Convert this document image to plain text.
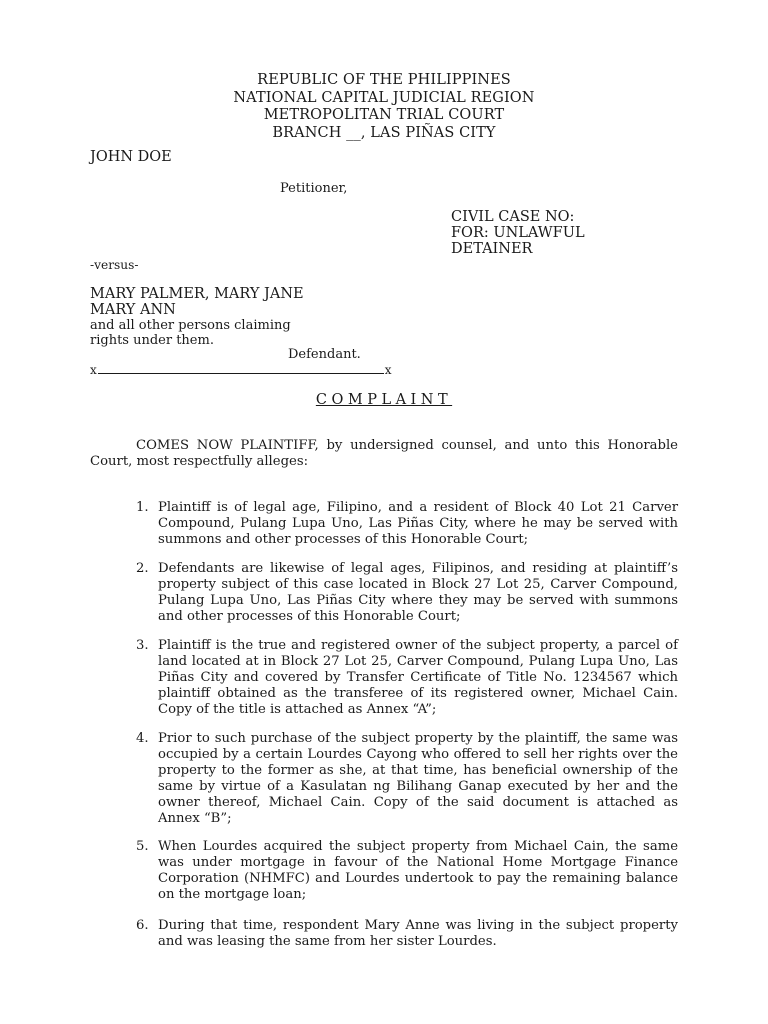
REPUBLIC OF THE PHILIPPINES
NATIONAL CAPITAL JUDICIAL REGION
METROPOLITAN TRIAL COURT
BRANCH __, LAS PIÑAS CITY
JOHN DOE
Petitioner,
CIVIL CASE NO:
FOR: UNLAWFUL
DETAINER
-versus-
MARY PALMER, MARY JANE
MARY ANN
and all other persons claiming
rights under them.
Defendant.
x	x
COMPLAINT

COMES NOW PLAINTIFF, by undersigned counsel, and unto this Honorable Court, most respectfully alleges:

1. Plaintiff is of legal age, Filipino, and a resident of Block 40 Lot 21 Carver Compound, Pulang Lupa Uno, Las Piñas City, where he may be served with summons and other processes of this Honorable Court;
2. Defendants are likewise of legal ages, Filipinos, and residing at plaintiff’s property subject of this case located in Block 27 Lot 25, Carver Compound, Pulang Lupa Uno, Las Piñas City where they may be served with summons and other processes of this Honorable Court;
3. Plaintiff is the true and registered owner of the subject property, a parcel of land located at in Block 27 Lot 25, Carver Compound, Pulang Lupa Uno, Las Piñas City and covered by Transfer Certificate of Title No. 1234567 which plaintiff obtained as the transferee of its registered owner, Michael Cain. Copy of the title is attached as Annex “A”;
4. Prior to such purchase of the subject property by the plaintiff, the same was occupied by a certain Lourdes Cayong who offered to sell her rights over the property to the former as she, at that time, has beneficial ownership of the same by virtue of a Kasulatan ng Bilihang Ganap executed by her and the owner thereof, Michael Cain. Copy of the said document is attached as Annex “B”;
5. When Lourdes acquired the subject property from Michael Cain, the same was under mortgage in favour of the National Home Mortgage Finance Corporation (NHMFC) and Lourdes undertook to pay the remaining balance on the mortgage loan;
6. During that time, respondent Mary Anne was living in the subject property and was leasing the same from her sister Lourdes.
